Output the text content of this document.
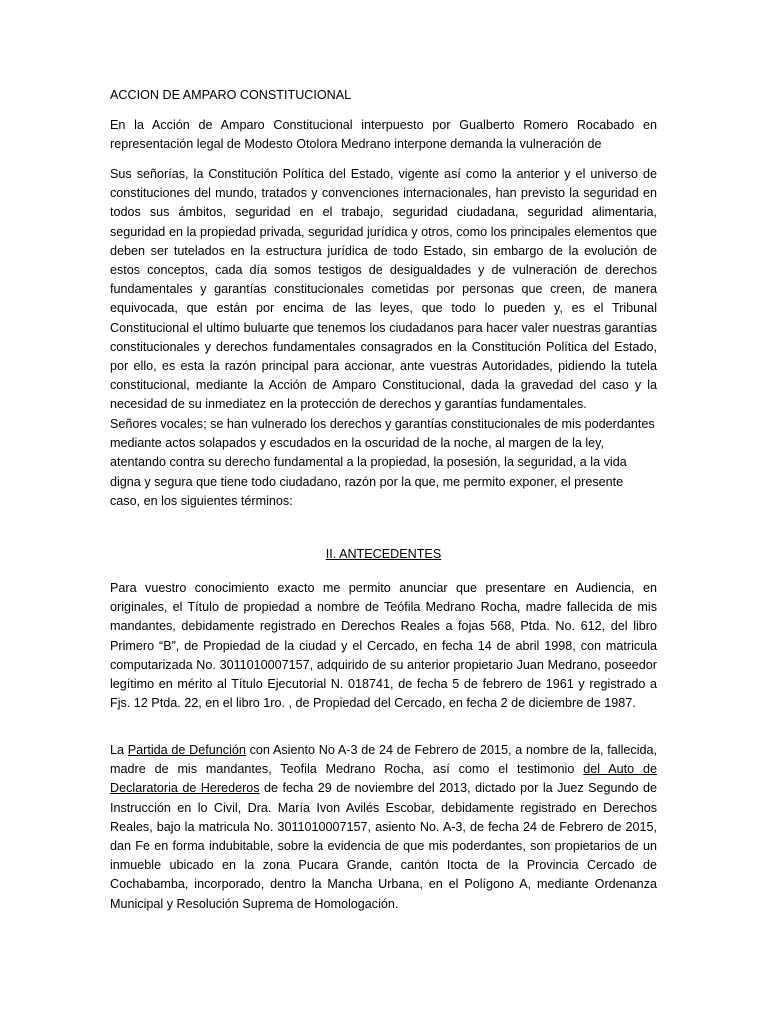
ACCION DE AMPARO CONSTITUCIONAL
En la Acción de Amparo Constitucional interpuesto por Gualberto Romero Rocabado en representación legal de Modesto Otolora Medrano interpone demanda la vulneración de
Sus señorías, la Constitución Política del Estado, vigente así como la anterior y el universo de constituciones del mundo, tratados y convenciones internacionales, han previsto la seguridad en todos sus ámbitos, seguridad en el trabajo, seguridad ciudadana, seguridad alimentaria, seguridad en la propiedad privada, seguridad jurídica y otros, como los principales elementos que deben ser tutelados en la estructura jurídica de todo Estado, sin embargo de la evolución de estos conceptos, cada día somos testigos de desigualdades y de vulneración de derechos fundamentales y garantías constitucionales cometidas por personas que creen, de manera equivocada, que están por encima de las leyes, que todo lo pueden y, es el Tribunal Constitucional el ultimo buluarte que tenemos los ciudadanos para hacer valer nuestras garantías constitucionales y derechos fundamentales consagrados en la Constitución Política del Estado, por ello, es esta la razón principal para accionar, ante vuestras Autoridades, pidiendo la tutela constitucional, mediante la Acción de Amparo Constitucional, dada la gravedad del caso y la necesidad de su inmediatez en la protección de derechos y garantías fundamentales.
Señores vocales; se han vulnerado los derechos y garantías constitucionales de mis poderdantes mediante actos solapados y escudados en la oscuridad de la noche, al margen de la ley, atentando contra su derecho fundamental a la propiedad, la posesión, la seguridad, a la vida digna y segura que tiene todo ciudadano, razón por la que, me permito exponer, el presente caso, en los siguientes términos:
II. ANTECEDENTES
Para vuestro conocimiento exacto me permito anunciar que presentare en Audiencia, en originales, el Título de propiedad a nombre de Teófila Medrano Rocha, madre fallecida de mis mandantes, debidamente registrado en Derechos Reales a fojas 568, Ptda. No. 612, del libro Primero “B”, de Propiedad de la ciudad y el Cercado, en fecha 14 de abril 1998, con matricula computarizada No. 3011010007157, adquirido de su anterior propietario Juan Medrano, poseedor legítimo en mérito al Título Ejecutorial N. 018741, de fecha 5 de febrero de 1961 y registrado a Fjs. 12 Ptda. 22, en el libro 1ro. , de Propiedad del Cercado, en fecha 2 de diciembre de 1987.
La Partida de Defunción con Asiento No A-3 de 24 de Febrero de 2015, a nombre de la, fallecida, madre de mis mandantes, Teofila Medrano Rocha, así como el testimonio del Auto de Declaratoria de Herederos de fecha 29 de noviembre del 2013, dictado por la Juez Segundo de Instrucción en lo Civil, Dra. María Ivon Avilés Escobar, debidamente registrado en Derechos Reales, bajo la matricula No. 3011010007157, asiento No. A-3, de fecha 24 de Febrero de 2015, dan Fe en forma indubitable, sobre la evidencia de que mis poderdantes, son propietarios de un inmueble ubicado en la zona Pucara Grande, cantón Itocta de la Provincia Cercado de Cochabamba, incorporado, dentro la Mancha Urbana, en el Polígono A, mediante Ordenanza Municipal y Resolución Suprema de Homologación.
